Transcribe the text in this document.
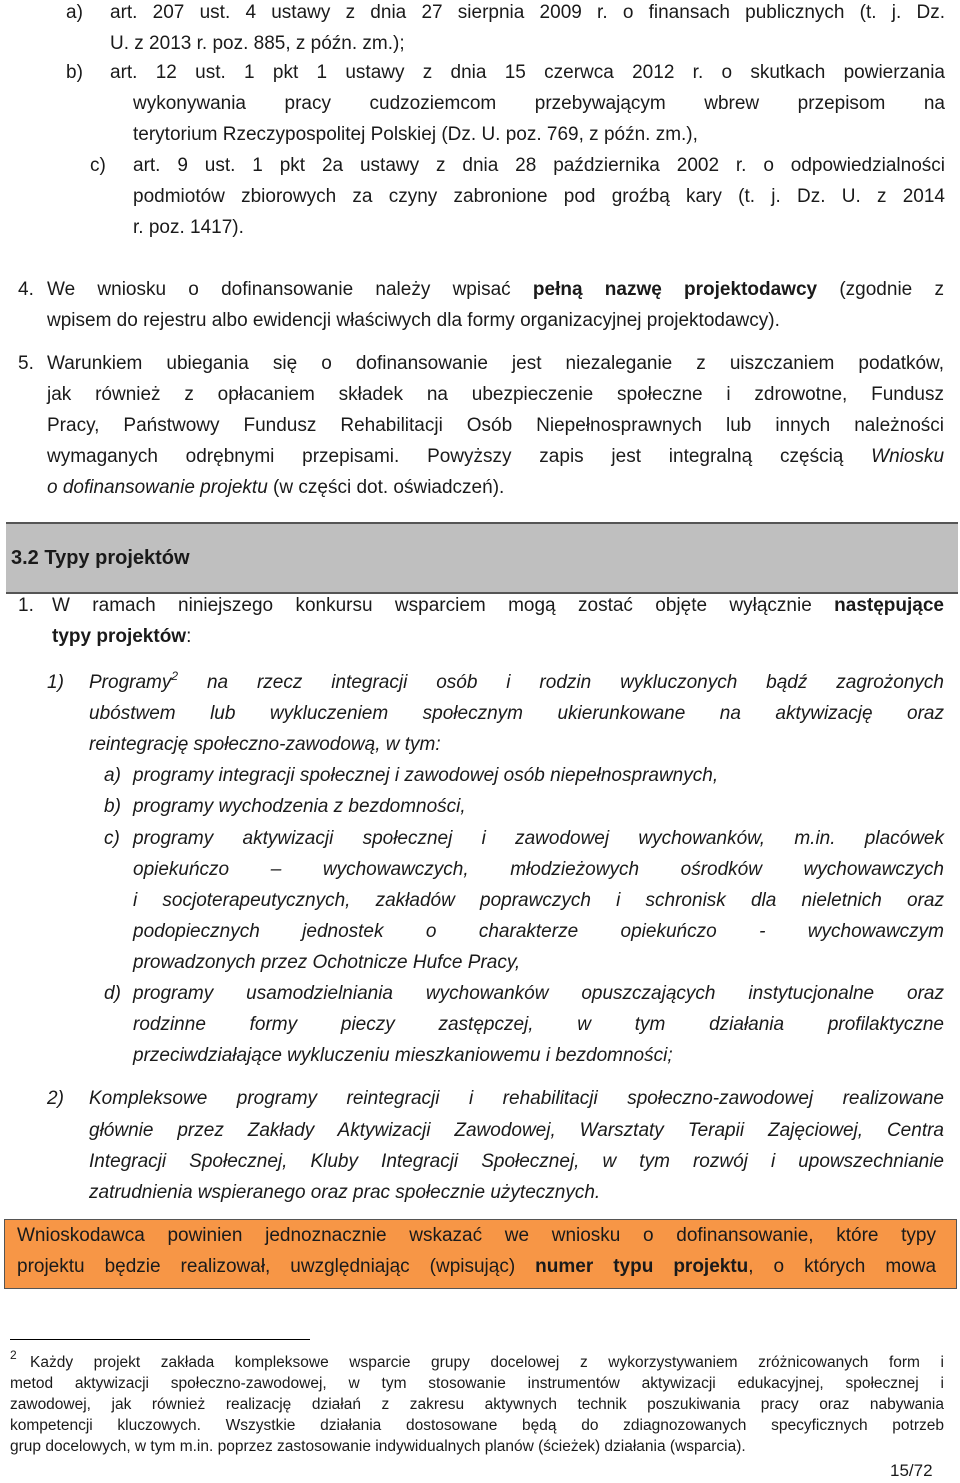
a) art. 207 ust. 4 ustawy z dnia 27 sierpnia 2009 r. o finansach publicznych (t. j. Dz.
U. z 2013 r. poz. 885, z późn. zm.);
b) art. 12 ust. 1 pkt 1 ustawy z dnia 15 czerwca 2012 r. o skutkach powierzania
wykonywania pracy cudzoziemcom przebywającym wbrew przepisom na
terytorium Rzeczypospolitej Polskiej (Dz. U. poz. 769, z późn. zm.),
c) art. 9 ust. 1 pkt 2a ustawy z dnia 28 października 2002 r. o odpowiedzialności
podmiotów zbiorowych za czyny zabronione pod groźbą kary (t. j. Dz. U. z 2014
r. poz. 1417).
4. We wniosku o dofinansowanie należy wpisać pełną nazwę projektodawcy (zgodnie z
wpisem do rejestru albo ewidencji właściwych dla formy organizacyjnej projektodawcy).
5. Warunkiem ubiegania się o dofinansowanie jest niezaleganie z uiszczaniem podatków,
jak również z opłacaniem składek na ubezpieczenie społeczne i zdrowotne, Fundusz
Pracy, Państwowy Fundusz Rehabilitacji Osób Niepełnosprawnych lub innych należności
wymaganych odrębnymi przepisami. Powyższy zapis jest integralną częścią Wniosku
o dofinansowanie projektu (w części dot. oświadczeń).
3.2 Typy projektów
1. W ramach niniejszego konkursu wsparciem mogą zostać objęte wyłącznie następujące
typy projektów:
1) Programy$^2$ na rzecz integracji osób i rodzin wykluczonych bądź zagrożonych
ubóstwem lub wykluczeniem społecznym ukierunkowane na aktywizację oraz
reintegrację społeczno-zawodową, w tym:
a) programy integracji społecznej i zawodowej osób niepełnosprawnych,
b) programy wychodzenia z bezdomności,
c) programy aktywizacji społecznej i zawodowej wychowanków, m.in. placówek
opiekuńczo – wychowawczych, młodzieżowych ośrodków wychowawczych
i socjoterapeutycznych, zakładów poprawczych i schronisk dla nieletnich oraz
podopiecznych jednostek o charakterze opiekuńczo - wychowawczym
prowadzonych przez Ochotnicze Hufce Pracy,
d) programy usamodzielniania wychowanków opuszczających instytucjonalne oraz
rodzinne formy pieczy zastępczej, w tym działania profilaktyczne
przeciwdziałające wykluczeniu mieszkaniowemu i bezdomności;
2) Kompleksowe programy reintegracji i rehabilitacji społeczno-zawodowej realizowane
głównie przez Zakłady Aktywizacji Zawodowej, Warsztaty Terapii Zajęciowej, Centra
Integracji Społecznej, Kluby Integracji Społecznej, w tym rozwój i upowszechnianie
zatrudnienia wspieranego oraz prac społecznie użytecznych.
Wnioskodawca powinien jednoznacznie wskazać we wniosku o dofinansowanie, które typy
projektu będzie realizował, uwzględniając (wpisując) numer typu projektu, o których mowa
$^2$ Każdy projekt zakłada kompleksowe wsparcie grupy docelowej z wykorzystywaniem zróżnicowanych form i
metod aktywizacji społeczno-zawodowej, w tym stosowanie instrumentów aktywizacji edukacyjnej, społecznej i
zawodowej, jak również realizację działań z zakresu aktywnych technik poszukiwania pracy oraz nabywania
kompetencji kluczowych. Wszystkie działania dostosowane będą do zdiagnozowanych specyficznych potrzeb
grup docelowych, w tym m.in. poprzez zastosowanie indywidualnych planów (ścieżek) działania (wsparcia).
15/72
